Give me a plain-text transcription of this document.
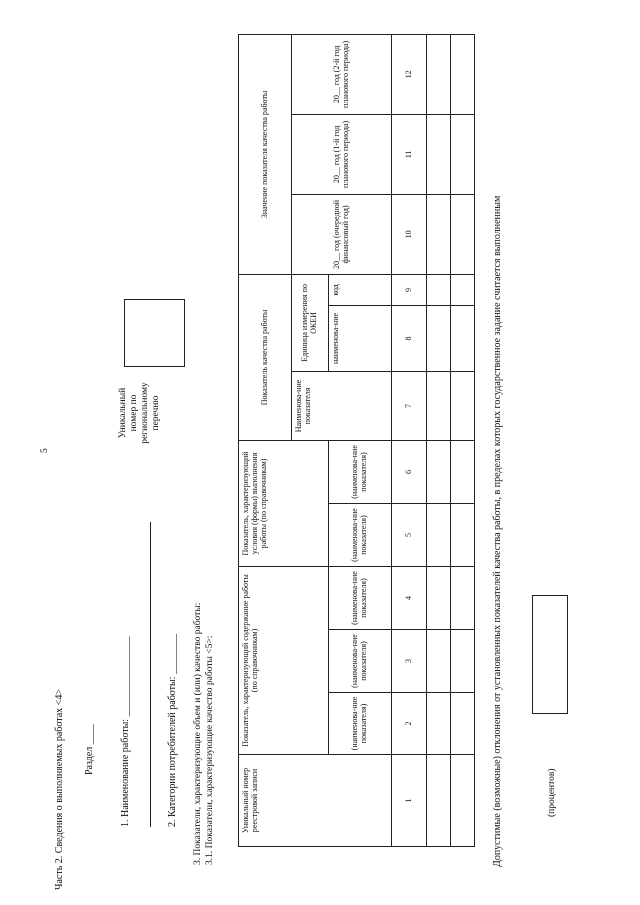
5
Часть 2. Сведения о выполняемых работах <4> Раздел ____	1. Наименование работы: ________________	2. Категории потребителей работы: ________ 3. Показатели, характеризующие объем и (или) качество работы: 3.1. Показатели, характеризующие качество работы <5>:
Уникальный номер по региональному перечню
Уникальный номер реестровой записи	Показатель, характеризующий содержание работы (по справочникам)			Показатель, характеризующий условия (формы) выполнения работы (по справочникам)		Показатель качества работы			Значение показателя качества работы		
						Наименова-ние показателя	Единица измерения по ОКЕИ		20__ год (очередной финансовый год)	20__ год (1-й год планового периода)	20__ год (2-й год планового периода)
	(наименова-ние показателя)	(наименова-ние показателя)	(наименова-ние показателя)	(наименова-ние показателя)	(наименова-ние показателя)		наименова-ние	код			
1	2	3	4	5	6	7	8	9	10	11	12

Допустимые (возможные) отклонения от установленных показателей качества работы, в пределах которых государственное задание считается выполненным	(процентов)
